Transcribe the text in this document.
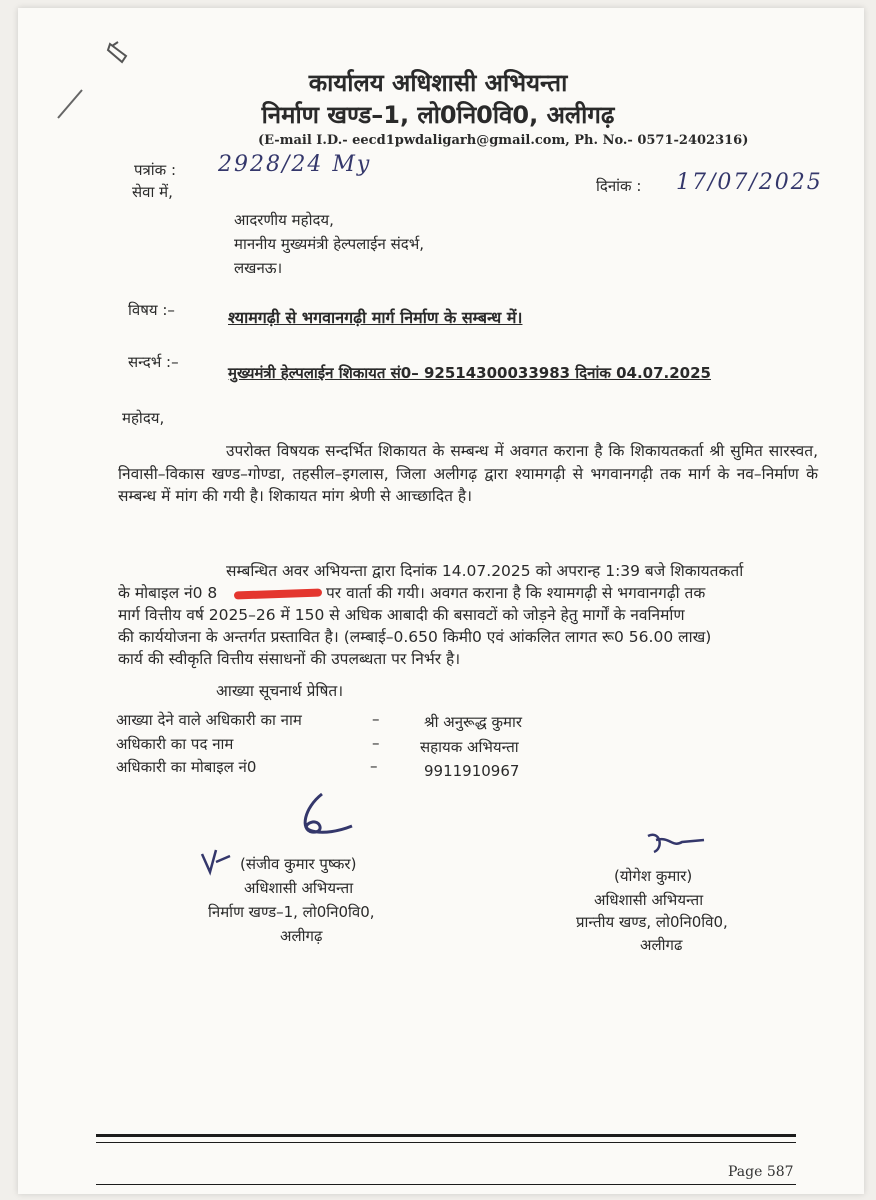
कार्यालय अधिशासी अभियन्ता
निर्माण खण्ड–1, लो0नि0वि0, अलीगढ़
(E-mail I.D.- eecd1pwdaligarh@gmail.com, Ph. No.- 0571-2402316)
पत्रांक : 2928/24 My
सेवा में,	दिनांक : 17/07/2025
आदरणीय महोदय,
माननीय मुख्यमंत्री हेल्पलाईन संदर्भ,
लखनऊ।
विषय :–	श्यामगढ़ी से भगवानगढ़ी मार्ग निर्माण के सम्बन्ध में।
सन्दर्भ :–
मुख्यमंत्री हेल्पलाईन शिकायत सं0– 92514300033983 दिनांक 04.07.2025
महोदय,
उपरोक्त विषयक सन्दर्भित शिकायत के सम्बन्ध में अवगत कराना है कि शिकायतकर्ता श्री सुमित सारस्वत, निवासी–विकास खण्ड–गोण्डा, तहसील–इगलास, जिला अलीगढ़ द्वारा श्यामगढ़ी से भगवानगढ़ी तक मार्ग के नव–निर्माण के सम्बन्ध में मांग की गयी है। शिकायत मांग श्रेणी से आच्छादित है।
सम्बन्धित अवर अभियन्ता द्वारा दिनांक 14.07.2025 को अपरान्ह 1:39 बजे शिकायतकर्ता
के मोबाइल नं0 8	पर वार्ता की गयी। अवगत कराना है कि श्यामगढ़ी से भगवानगढ़ी तक
मार्ग वित्तीय वर्ष 2025–26 में 150 से अधिक आबादी की बसावटों को जोड़ने हेतु मार्गों के नवनिर्माण
की कार्ययोजना के अन्तर्गत प्रस्तावित है। (लम्बाई–0.650 किमी0 एवं आंकलित लागत रू0 56.00 लाख)
कार्य की स्वीकृति वित्तीय संसाधनों की उपलब्धता पर निर्भर है।
आख्या सूचनार्थ प्रेषित।
आख्या देने वाले अधिकारी का नाम	–	श्री अनुरूद्ध कुमार
अधिकारी का पद नाम	–	सहायक अभियन्ता
अधिकारी का मोबाइल नं0	–	9911910967
(संजीव कुमार पुष्कर)
अधिशासी अभियन्ता
निर्माण खण्ड–1, लो0नि0वि0,
अलीगढ़
(योगेश कुमार)
अधिशासी अभियन्ता
प्रान्तीय खण्ड, लो0नि0वि0,
अलीगढ
Page 587
